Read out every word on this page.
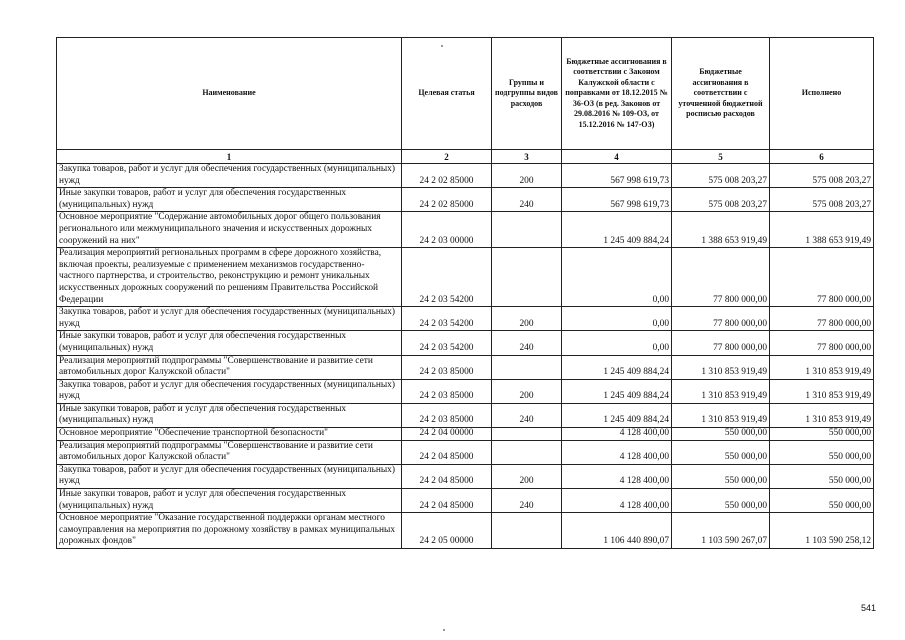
Наименование	Целевая статья	Группы и подгруппы видов расходов	Бюджетные ассигнования в соответствии с Законом Калужской области с поправками от 18.12.2015 № 36-ОЗ (в ред. Законов от 29.08.2016 № 109-ОЗ, от 15.12.2016 № 147-ОЗ)	Бюджетные ассигнования в соответствии с уточненной бюджетной росписью расходов	Исполнено
1	2	3	4	5	6
Закупка товаров, работ и услуг для обеспечения государственных (муниципальных) нужд	24 2 02 85000	200	567 998 619,73	575 008 203,27	575 008 203,27
Иные закупки товаров, работ и услуг для обеспечения государственных (муниципальных) нужд	24 2 02 85000	240	567 998 619,73	575 008 203,27	575 008 203,27
Основное мероприятие "Содержание автомобильных дорог общего пользования регионального или межмуниципального значения и искусственных дорожных сооружений на них"	24 2 03 00000		1 245 409 884,24	1 388 653 919,49	1 388 653 919,49
Реализация мероприятий региональных программ в сфере дорожного хозяйства, включая проекты, реализуемые с применением механизмов государственно-частного партнерства, и строительство, реконструкцию и ремонт уникальных искусственных дорожных сооружений по решениям Правительства Российской Федерации	24 2 03 54200		0,00	77 800 000,00	77 800 000,00
Закупка товаров, работ и услуг для обеспечения государственных (муниципальных) нужд	24 2 03 54200	200	0,00	77 800 000,00	77 800 000,00
Иные закупки товаров, работ и услуг для обеспечения государственных (муниципальных) нужд	24 2 03 54200	240	0,00	77 800 000,00	77 800 000,00
Реализация мероприятий подпрограммы "Совершенствование и развитие сети автомобильных дорог Калужской области"	24 2 03 85000		1 245 409 884,24	1 310 853 919,49	1 310 853 919,49
Закупка товаров, работ и услуг для обеспечения государственных (муниципальных) нужд	24 2 03 85000	200	1 245 409 884,24	1 310 853 919,49	1 310 853 919,49
Иные закупки товаров, работ и услуг для обеспечения государственных (муниципальных) нужд	24 2 03 85000	240	1 245 409 884,24	1 310 853 919,49	1 310 853 919,49
Основное мероприятие "Обеспечение транспортной безопасности"	24 2 04 00000		4 128 400,00	550 000,00	550 000,00
Реализация мероприятий подпрограммы "Совершенствование и развитие сети автомобильных дорог Калужской области"	24 2 04 85000		4 128 400,00	550 000,00	550 000,00
Закупка товаров, работ и услуг для обеспечения государственных (муниципальных) нужд	24 2 04 85000	200	4 128 400,00	550 000,00	550 000,00
Иные закупки товаров, работ и услуг для обеспечения государственных (муниципальных) нужд	24 2 04 85000	240	4 128 400,00	550 000,00	550 000,00
Основное мероприятие "Оказание государственной поддержки органам местного самоуправления на мероприятия по дорожному хозяйству в рамках муниципальных дорожных фондов"	24 2 05 00000		1 106 440 890,07	1 103 590 267,07	1 103 590 258,12
541
